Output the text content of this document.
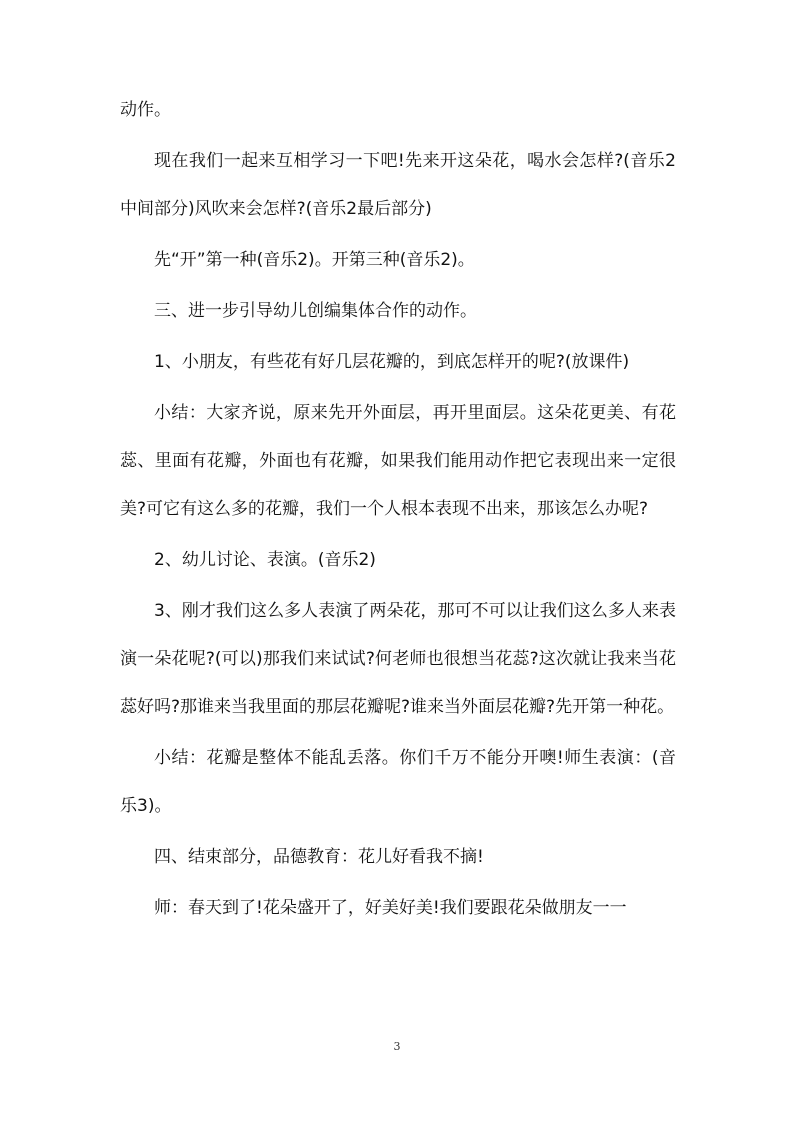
动作。

现在我们一起来互相学习一下吧!先来开这朵花，喝水会怎样?(音乐2中间部分)风吹来会怎样?(音乐2最后部分)

先“开”第一种(音乐2)。开第三种(音乐2)。

三、进一步引导幼儿创编集体合作的动作。

1、小朋友，有些花有好几层花瓣的，到底怎样开的呢?(放课件)

小结：大家齐说，原来先开外面层，再开里面层。这朵花更美、有花蕊、里面有花瓣，外面也有花瓣，如果我们能用动作把它表现出来一定很美?可它有这么多的花瓣，我们一个人根本表现不出来，那该怎么办呢?

2、幼儿讨论、表演。(音乐2)

3、刚才我们这么多人表演了两朵花，那可不可以让我们这么多人来表演一朵花呢?(可以)那我们来试试?何老师也很想当花蕊?这次就让我来当花蕊好吗?那谁来当我里面的那层花瓣呢?谁来当外面层花瓣?先开第一种花。

小结：花瓣是整体不能乱丢落。你们千万不能分开噢!师生表演：(音乐3)。

四、结束部分，品德教育：花儿好看我不摘!

师：春天到了!花朵盛开了，好美好美!我们要跟花朵做朋友一一

3
